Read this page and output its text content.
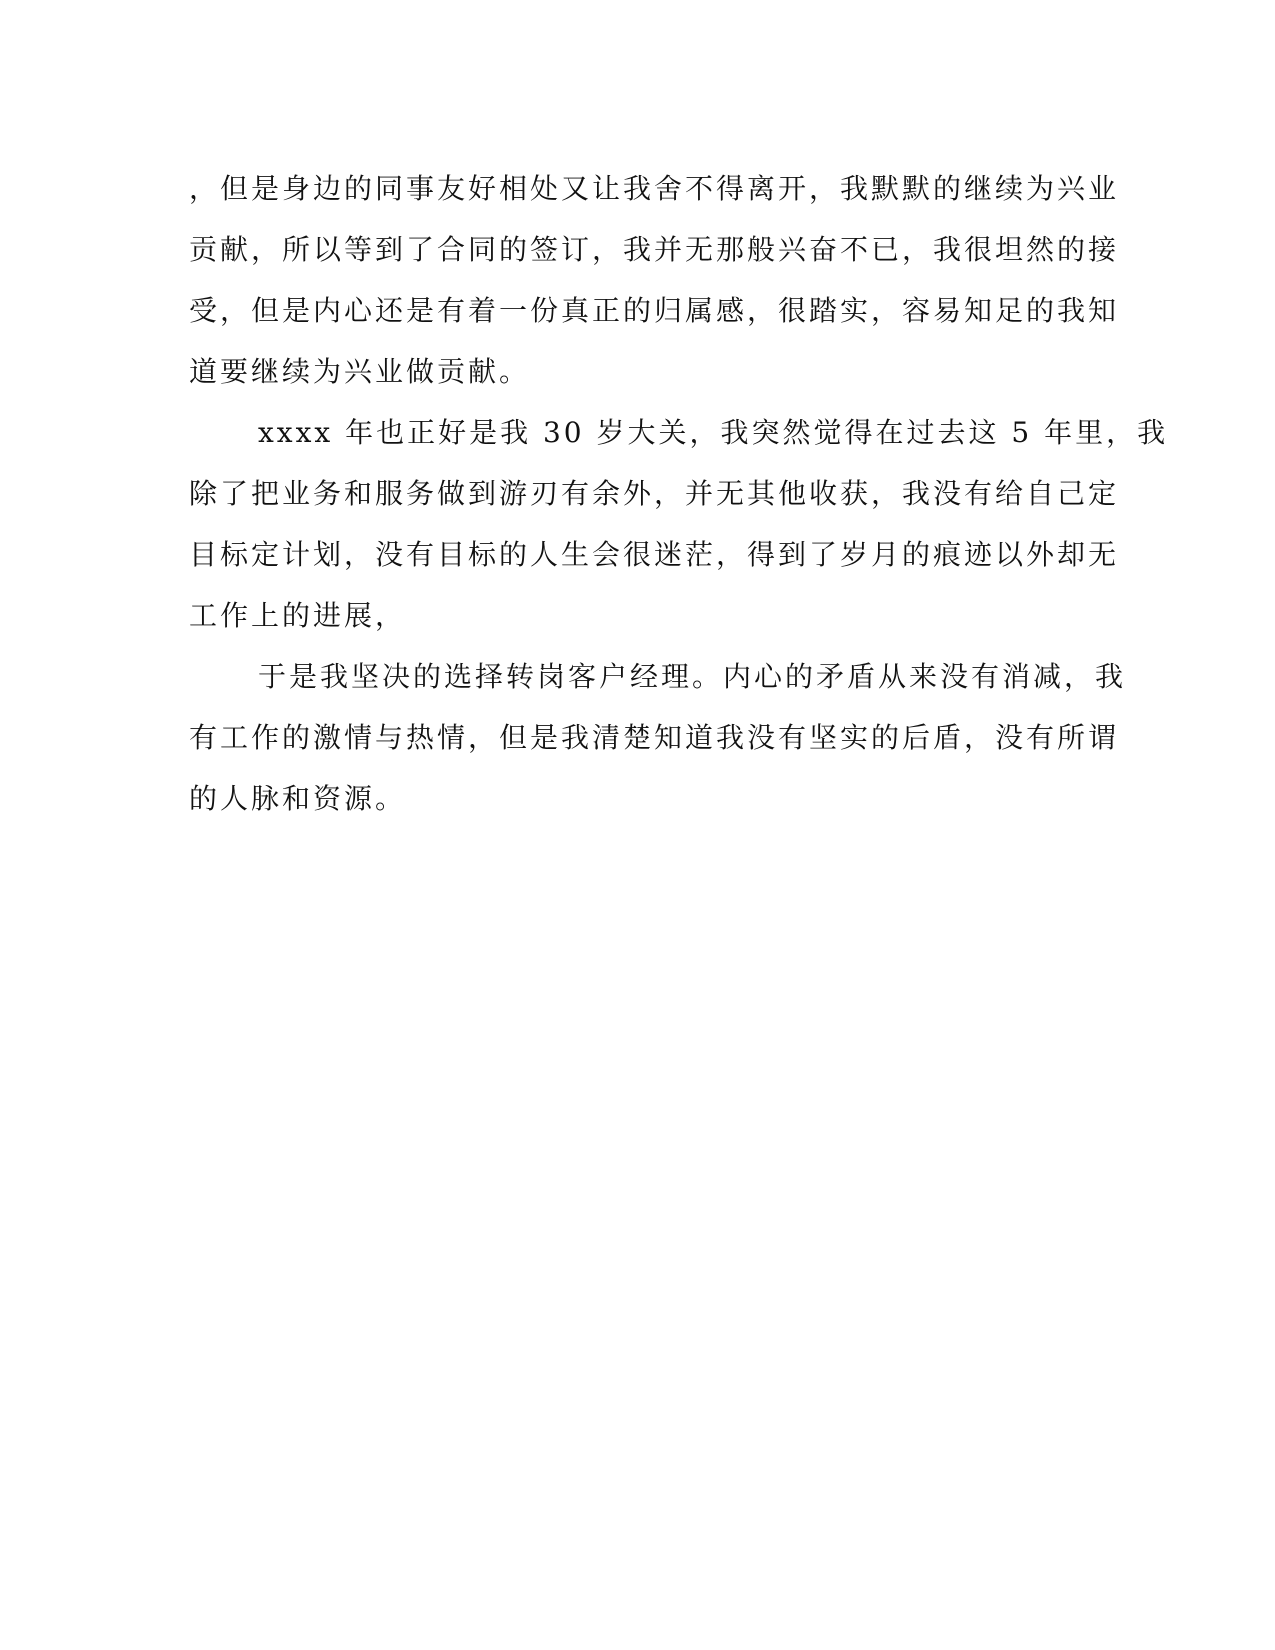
，但是身边的同事友好相处又让我舍不得离开，我默默的继续为兴业
贡献，所以等到了合同的签订，我并无那般兴奋不已，我很坦然的接
受，但是内心还是有着一份真正的归属感，很踏实，容易知足的我知
道要继续为兴业做贡献。
xxxx 年也正好是我 30 岁大关，我突然觉得在过去这 5 年里，我
除了把业务和服务做到游刃有余外，并无其他收获，我没有给自己定
目标定计划，没有目标的人生会很迷茫，得到了岁月的痕迹以外却无
工作上的进展，
于是我坚决的选择转岗客户经理。内心的矛盾从来没有消减，我
有工作的激情与热情，但是我清楚知道我没有坚实的后盾，没有所谓
的人脉和资源。
